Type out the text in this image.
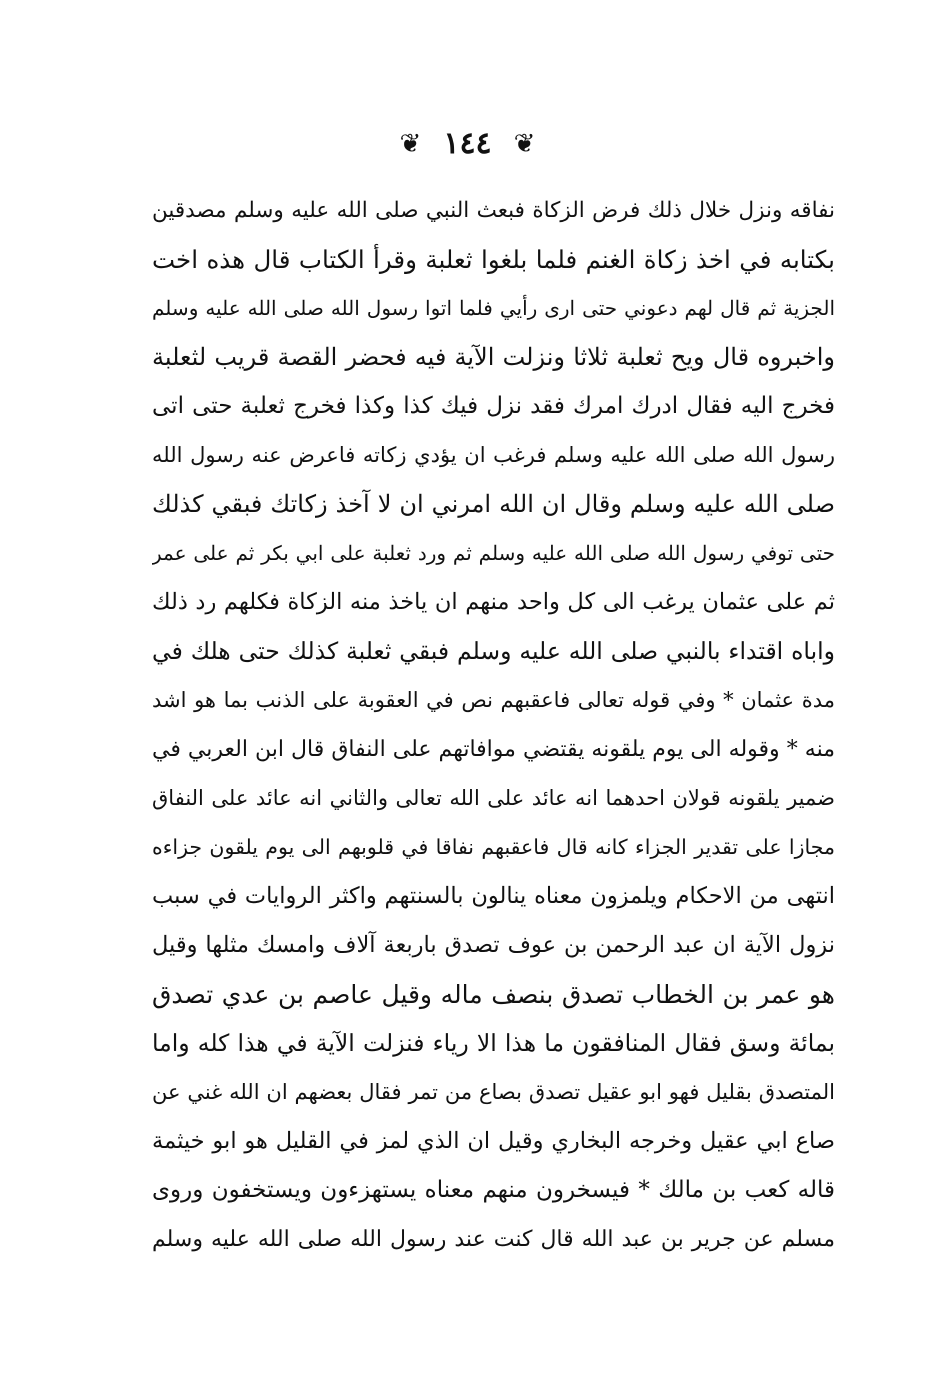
❦
١٤٤
❦
نفاقه ونزل خلال ذلك فرض الزكاة فبعث النبي صلى الله عليه وسلم مصدقين
بكتابه في اخذ زكاة الغنم فلما بلغوا ثعلبة وقرأ الكتاب قال هذه اخت
الجزية ثم قال لهم دعوني حتى ارى رأيي فلما اتوا رسول الله صلى الله عليه وسلم
واخبروه قال ويح ثعلبة ثلاثا ونزلت الآية فيه فحضر القصة قريب لثعلبة
فخرج اليه فقال ادرك امرك فقد نزل فيك كذا وكذا فخرج ثعلبة حتى اتى
رسول الله صلى الله عليه وسلم فرغب ان يؤدي زكاته فاعرض عنه رسول الله
صلى الله عليه وسلم وقال ان الله امرني ان لا آخذ زكاتك فبقي كذلك
حتى توفي رسول الله صلى الله عليه وسلم ثم ورد ثعلبة على ابي بكر ثم على عمر
ثم على عثمان يرغب الى كل واحد منهم ان ياخذ منه الزكاة فكلهم رد ذلك
واباه اقتداء بالنبي صلى الله عليه وسلم فبقي ثعلبة كذلك حتى هلك في
مدة عثمان * وفي قوله تعالى فاعقبهم نص في العقوبة على الذنب بما هو اشد
منه * وقوله الى يوم يلقونه يقتضي موافاتهم على النفاق قال ابن العربي في
ضمير يلقونه قولان احدهما انه عائد على الله تعالى والثاني انه عائد على النفاق
مجازا على تقدير الجزاء كانه قال فاعقبهم نفاقا في قلوبهم الى يوم يلقون جزاءه
انتهى من الاحكام ويلمزون معناه ينالون بالسنتهم واكثر الروايات في سبب
نزول الآية ان عبد الرحمن بن عوف تصدق باربعة آلاف وامسك مثلها وقيل
هو عمر بن الخطاب تصدق بنصف ماله وقيل عاصم بن عدي تصدق
بمائة وسق فقال المنافقون ما هذا الا رياء فنزلت الآية في هذا كله واما
المتصدق بقليل فهو ابو عقيل تصدق بصاع من تمر فقال بعضهم ان الله غني عن
صاع ابي عقيل وخرجه البخاري وقيل ان الذي لمز في القليل هو ابو خيثمة
قاله كعب بن مالك * فيسخرون منهم معناه يستهزءون ويستخفون وروى
مسلم عن جرير بن عبد الله قال كنت عند رسول الله صلى الله عليه وسلم
